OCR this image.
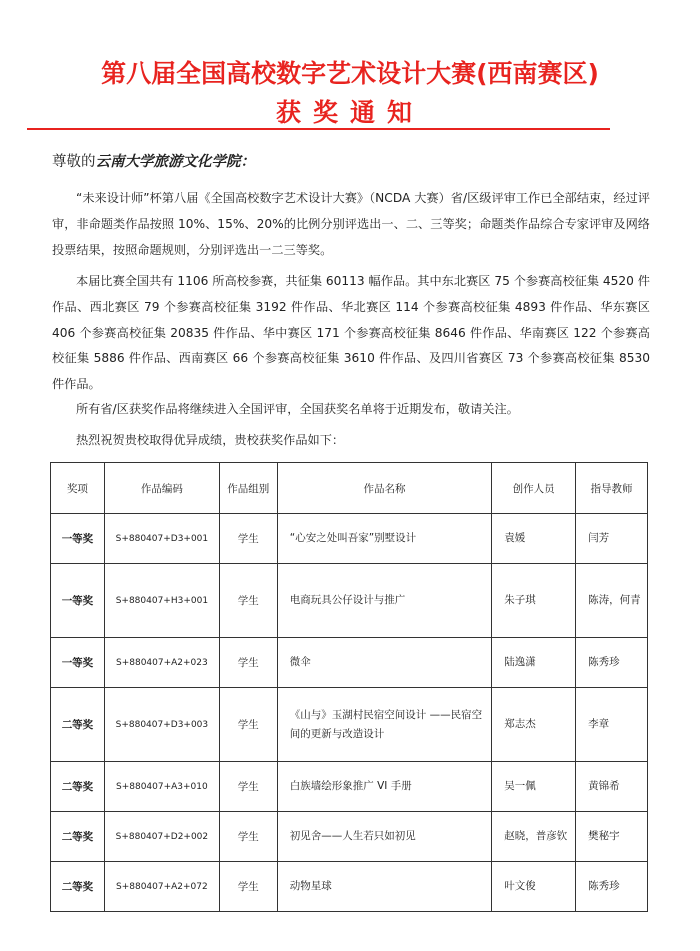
第八届全国高校数字艺术设计大赛(西南赛区)
获奖通知
尊敬的云南大学旅游文化学院：
“未来设计师”杯第八届《全国高校数字艺术设计大赛》（NCDA 大赛）省/区级评审工作已全部结束，经过评审，非命题类作品按照 10%、15%、20%的比例分别评选出一、二、三等奖；命题类作品综合专家评审及网络投票结果，按照命题规则，分别评选出一二三等奖。
本届比赛全国共有 1106 所高校参赛，共征集 60113 幅作品。其中东北赛区 75 个参赛高校征集 4520 件作品、西北赛区 79 个参赛高校征集 3192 件作品、华北赛区 114 个参赛高校征集 4893 件作品、华东赛区 406 个参赛高校征集 20835 件作品、华中赛区 171 个参赛高校征集 8646 件作品、华南赛区 122 个参赛高校征集 5886 件作品、西南赛区 66 个参赛高校征集 3610 件作品、及四川省赛区 73 个参赛高校征集 8530 件作品。
所有省/区获奖作品将继续进入全国评审，全国获奖名单将于近期发布，敬请关注。
热烈祝贺贵校取得优异成绩，贵校获奖作品如下：
奖项	作品编码	作品组别	作品名称	创作人员	指导教师
一等奖	S+880407+D3+001	学生	“心安之处叫吾家”别墅设计	袁媛	闫芳
一等奖	S+880407+H3+001	学生	电商玩具公仔设计与推广	朱子琪	陈涛，何青
一等奖	S+880407+A2+023	学生	微伞	陆逸潇	陈秀珍
二等奖	S+880407+D3+003	学生	《山与》玉湖村民宿空间设计 ——民宿空间的更新与改造设计	郑志杰	李章
二等奖	S+880407+A3+010	学生	白族墙绘形象推广 VI 手册	吴一佩	黄锦希
二等奖	S+880407+D2+002	学生	初见舍——人生若只如初见	赵晓，普彦钦	樊秘宇
二等奖	S+880407+A2+072	学生	动物星球	叶文俊	陈秀珍
